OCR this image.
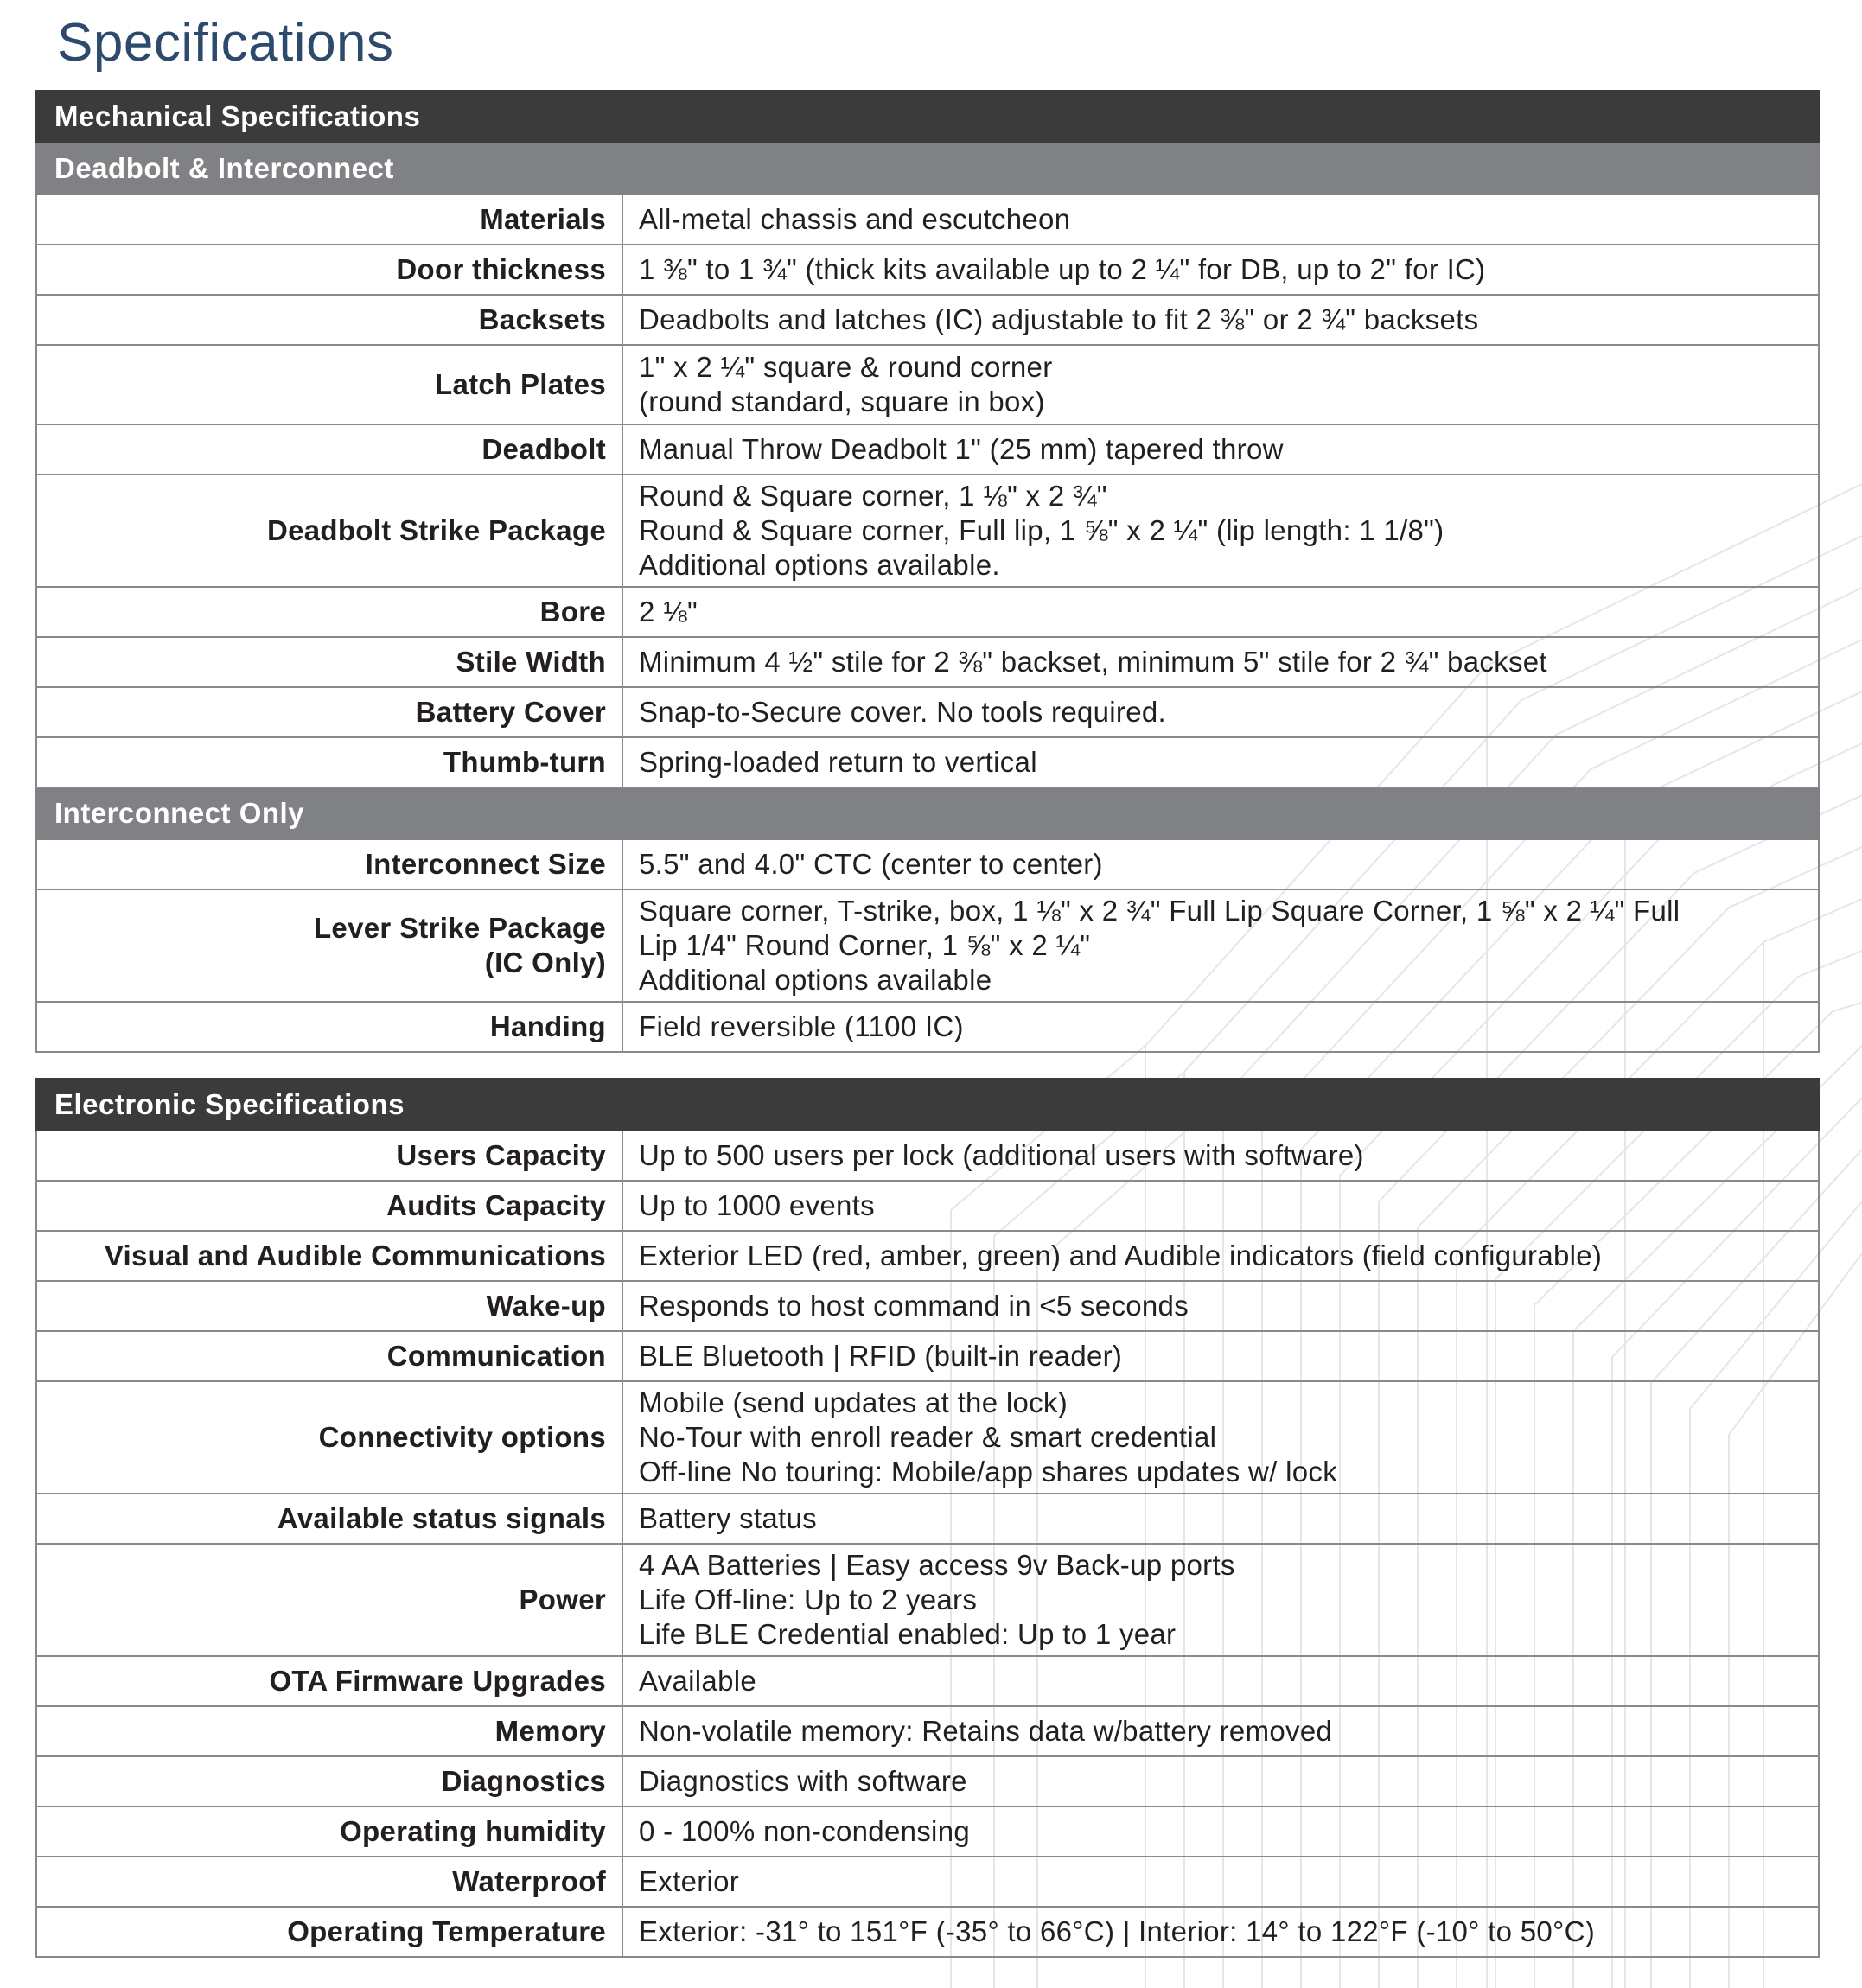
Specifications
Mechanical Specifications	
Deadbolt & Interconnect	

Materials	All-metal chassis and escutcheon

Door thickness	1 ⅜" to 1 ¾" (thick kits available up to 2 ¼" for DB, up to 2" for IC)

Backsets	Deadbolts and latches (IC) adjustable to fit 2 ⅜" or 2 ¾" backsets

Latch Plates	1" x 2 ¼" square & round corner
(round standard, square in box)

Deadbolt	Manual Throw Deadbolt 1" (25 mm) tapered throw

Deadbolt Strike Package	Round & Square corner, 1 ⅛" x 2 ¾"
Round & Square corner, Full lip, 1 ⅝" x 2 ¼" (lip length: 1 1/8")
Additional options available.

Bore	2 ⅛"

Stile Width	Minimum 4 ½" stile for 2 ⅜" backset, minimum 5" stile for 2 ¾" backset

Battery Cover	Snap-to-Secure cover. No tools required.

Thumb-turn	Spring-loaded return to vertical

Interconnect Only	

Interconnect Size	5.5" and 4.0" CTC (center to center)

Lever Strike Package
(IC Only)	Square corner, T-strike, box, 1 ⅛" x 2 ¾" Full Lip Square Corner, 1 ⅝" x 2 ¼" Full
Lip 1/4" Round Corner, 1 ⅝" x 2 ¼"
Additional options available

Handing	Field reversible (1100 IC)
Electronic Specifications	

Users Capacity	Up to 500 users per lock (additional users with software)

Audits Capacity	Up to 1000 events

Visual and Audible Communications	Exterior LED (red, amber, green) and Audible indicators (field configurable)

Wake-up	Responds to host command in <5 seconds

Communication	BLE Bluetooth | RFID (built-in reader)

Connectivity options	Mobile (send updates at the lock)
No-Tour with enroll reader & smart credential
Off-line No touring: Mobile/app shares updates w/ lock

Available status signals	Battery status

Power	4 AA Batteries | Easy access 9v Back-up ports
Life Off-line: Up to 2 years
Life BLE Credential enabled: Up to 1 year

OTA Firmware Upgrades	Available

Memory	Non-volatile memory: Retains data w/battery removed

Diagnostics	Diagnostics with software

Operating humidity	0 - 100% non-condensing

Waterproof	Exterior

Operating Temperature	Exterior: -31° to 151°F (-35° to 66°C) | Interior: 14° to 122°F (-10° to 50°C)
